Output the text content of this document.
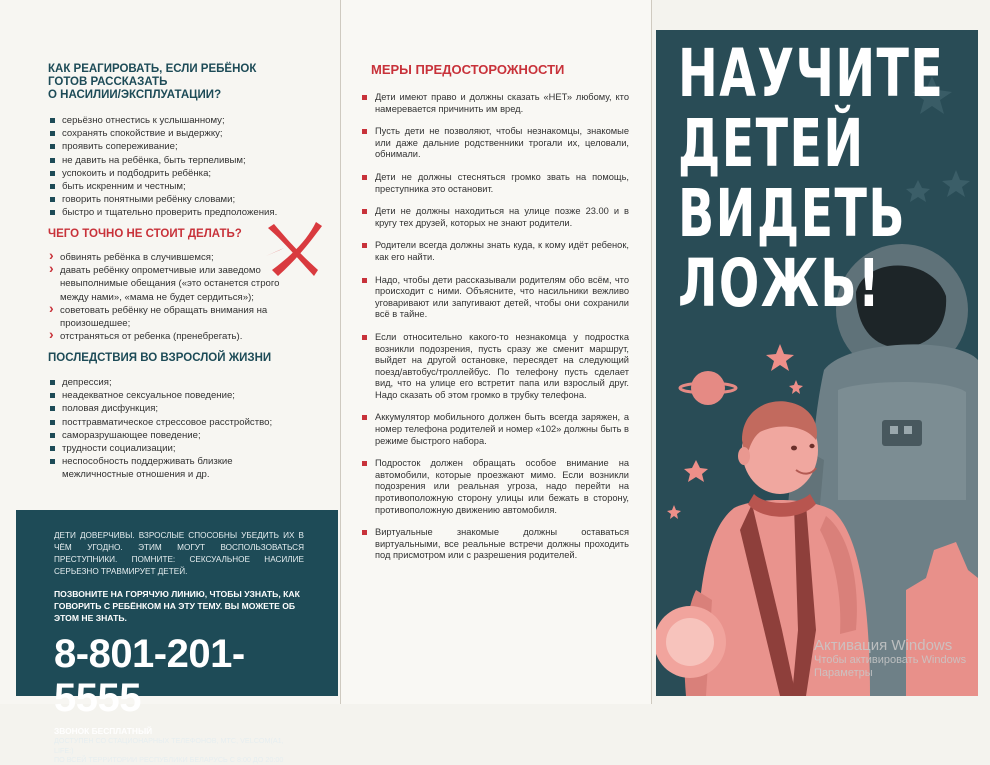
КАК РЕАГИРОВАТЬ, ЕСЛИ РЕБЁНОК
ГОТОВ РАССКАЗАТЬ
О НАСИЛИИ/ЭКСПЛУАТАЦИИ?
серьёзно отнестись к услышанному;
сохранять спокойствие и выдержку;
проявить сопереживание;
не давить на ребёнка, быть терпеливым;
успокоить и подбодрить ребёнка;
быть искренним и честным;
говорить понятными ребёнку словами;
быстро и тщательно проверить предположения.
ЧЕГО ТОЧНО НЕ СТОИТ ДЕЛАТЬ?
› обвинять ребёнка в случившемся;
› давать ребёнку опрометчивые или заведомо невыполнимые обещания («это останется строго между нами», «мама не будет сердиться»);
› советовать ребёнку не обращать внимания на произошедшее;
› отстраняться от ребенка (пренебрегать).
ПОСЛЕДСТВИЯ ВО ВЗРОСЛОЙ ЖИЗНИ
депрессия;
неадекватное сексуальное поведение;
половая дисфункция;
посттравматическое стрессовое расстройство;
саморазрушающее поведение;
трудности социализации;
неспособность поддерживать близкие межличностные отношения и др.
ДЕТИ ДОВЕРЧИВЫ. ВЗРОСЛЫЕ СПОСОБНЫ УБЕДИТЬ ИХ В ЧЁМ УГОДНО. ЭТИМ МОГУТ ВОСПОЛЬЗОВАТЬСЯ ПРЕСТУПНИКИ. ПОМНИТЕ: СЕКСУАЛЬНОЕ НАСИЛИЕ СЕРЬЕЗНО ТРАВМИРУЕТ ДЕТЕЙ.
ПОЗВОНИТЕ НА ГОРЯЧУЮ ЛИНИЮ, ЧТОБЫ УЗНАТЬ, КАК ГОВОРИТЬ С РЕБЁНКОМ НА ЭТУ ТЕМУ. ВЫ МОЖЕТЕ ОБ ЭТОМ НЕ ЗНАТЬ.
8-801-201-5555
ЗВОНОК БЕСПЛАТНЫЙ
ДОСТУПЕН СО СТАЦИОНАРНЫХ ТЕЛЕФОНОВ, МТС, VELCOM(A1, LIFE:)
ПО ВСЕЙ ТЕРРИТОРИИ РЕСПУБЛИКИ БЕЛАРУСЬ С 8:00 ДО 20:00
МЕРЫ ПРЕДОСТОРОЖНОСТИ
Дети имеют право и должны сказать «НЕТ» любому, кто намеревается причинить им вред.
Пусть дети не позволяют, чтобы незнакомцы, знакомые или даже дальние родственники трогали их, целовали, обнимали.
Дети не должны стесняться громко звать на помощь, преступника это остановит.
Дети не должны находиться на улице позже 23.00 и в кругу тех друзей, которых не знают родители.
Родители всегда должны знать куда, к кому идёт ребенок, как его найти.
Надо, чтобы дети рассказывали родителям обо всём, что происходит с ними. Объясните, что насильники вежливо уговаривают или запугивают детей, чтобы они сохранили всё в тайне.
Если относительно какого-то незнакомца у подростка возникли подозрения, пусть сразу же сменит маршрут, выйдет на другой остановке, пересядет на следующий поезд/автобус/троллейбус. По телефону пусть сделает вид, что на улице его встретит папа или взрослый друг. Надо сказать об этом громко в трубку телефона.
Аккумулятор мобильного должен быть всегда заряжен, а номер телефона родителей и номер «102» должны быть в режиме быстрого набора.
Подросток должен обращать особое внимание на автомобили, которые проезжают мимо. Если возникли подозрения или реальная угроза, надо перейти на противоположную сторону улицы или бежать в сторону, противоположную движению автомобиля.
Виртуальные знакомые должны оставаться виртуальными, все реальные встречи должны проходить под присмотром или с разрешения родителей.
НАУЧИТЕ
ДЕТЕЙ
ВИДЕТЬ
ЛОЖЬ!
Активация Windows
Чтобы активировать Windows
Параметры
